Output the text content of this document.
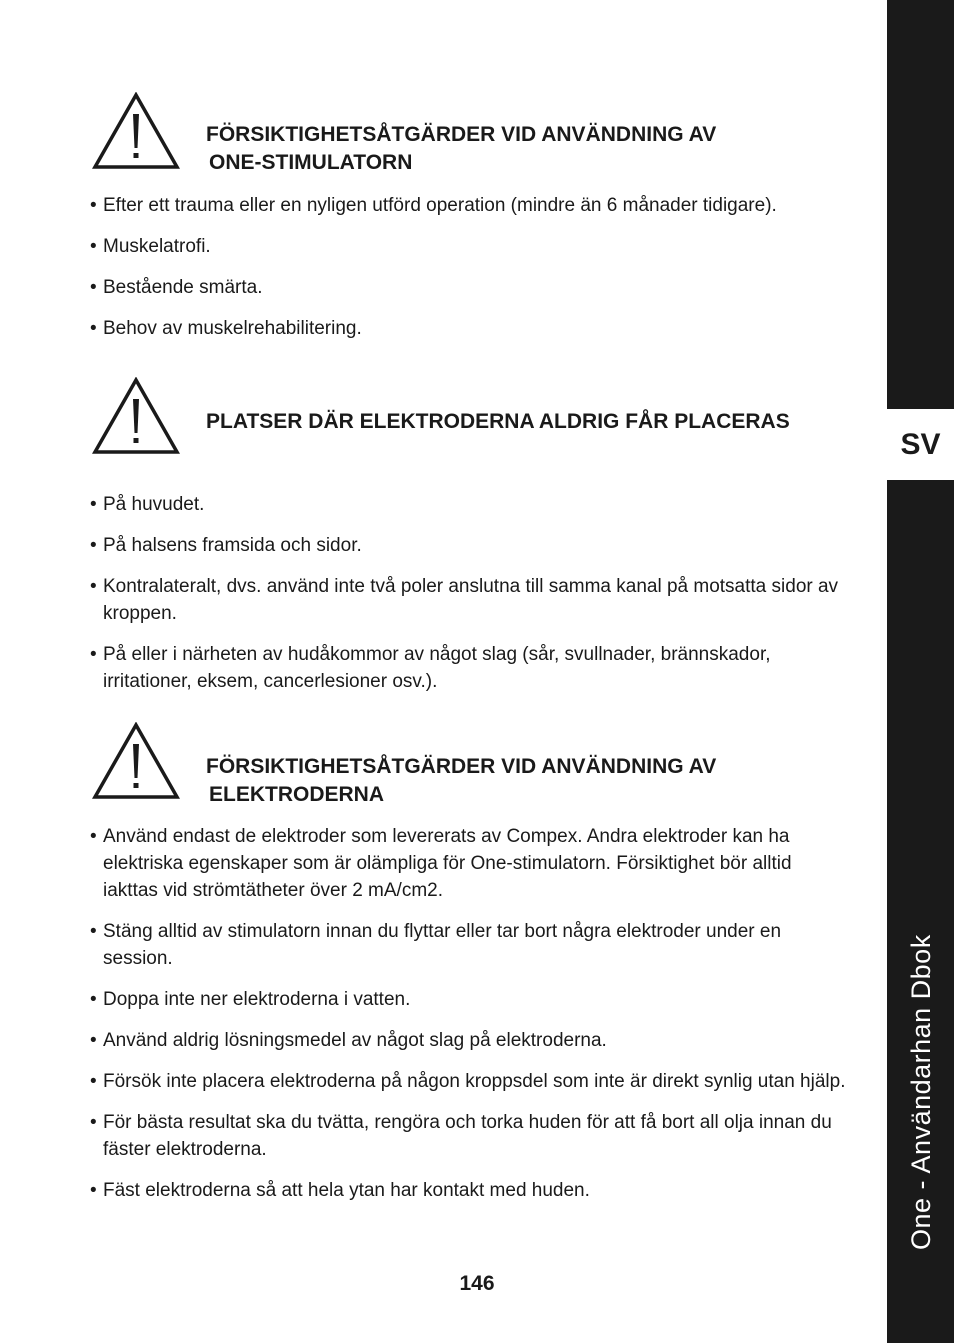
SV
One - Användarhan Dbok
FÖRSIKTIGHETSÅTGÄRDER VID ANVÄNDNING AV
ONE-STIMULATORN
• Efter ett trauma eller en nyligen utförd operation (mindre än 6 månader tidigare).
• Muskelatrofi.
• Bestående smärta.
• Behov av muskelrehabilitering.
PLATSER DÄR ELEKTRODERNA ALDRIG FÅR PLACERAS
• På huvudet.
• På halsens framsida och sidor.
• Kontralateralt, dvs. använd inte två poler anslutna till samma kanal på motsatta sidor av kroppen.
• På eller i närheten av hudåkommor av något slag (sår, svullnader, brännskador, irritationer, eksem, cancerlesioner osv.).
FÖRSIKTIGHETSÅTGÄRDER VID ANVÄNDNING AV
ELEKTRODERNA
• Använd endast de elektroder som levererats av Compex. Andra elektroder kan ha elektriska egenskaper som är olämpliga för One-stimulatorn. Försiktighet bör alltid iakttas vid strömtätheter över 2 mA/cm2.
• Stäng alltid av stimulatorn innan du flyttar eller tar bort några elektroder under en session.
• Doppa inte ner elektroderna i vatten.
• Använd aldrig lösningsmedel av något slag på elektroderna.
• Försök inte placera elektroderna på någon kroppsdel som inte är direkt synlig utan hjälp.
• För bästa resultat ska du tvätta, rengöra och torka huden för att få bort all olja innan du fäster elektroderna.
• Fäst elektroderna så att hela ytan har kontakt med huden.
146
